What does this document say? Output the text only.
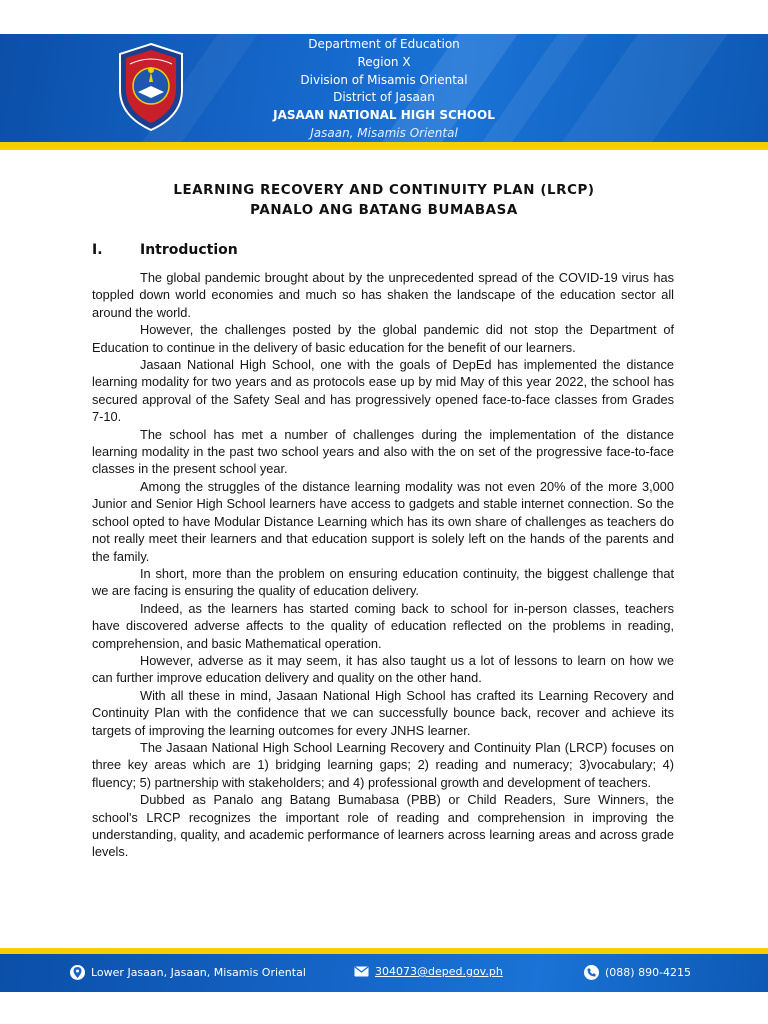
Department of Education
Region X
Division of Misamis Oriental
District of Jasaan
JASAAN NATIONAL HIGH SCHOOL
Jasaan, Misamis Oriental
LEARNING RECOVERY AND CONTINUITY PLAN (LRCP)
PANALO ANG BATANG BUMABASA
I.	Introduction

The global pandemic brought about by the unprecedented spread of the COVID-19 virus has toppled down world economies and much so has shaken the landscape of the education sector all around the world.

However, the challenges posted by the global pandemic did not stop the Department of Education to continue in the delivery of basic education for the benefit of our learners.

Jasaan National High School, one with the goals of DepEd has implemented the distance learning modality for two years and as protocols ease up by mid May of this year 2022, the school has secured approval of the Safety Seal and has progressively opened face-to-face classes from Grades 7-10.

The school has met a number of challenges during the implementation of the distance learning modality in the past two school years and also with the on set of the progressive face-to-face classes in the present school year.

Among the struggles of the distance learning modality was not even 20% of the more 3,000 Junior and Senior High School learners have access to gadgets and stable internet connection. So the school opted to have Modular Distance Learning which has its own share of challenges as teachers do not really meet their learners and that education support is solely left on the hands of the parents and the family.

In short, more than the problem on ensuring education continuity, the biggest challenge that we are facing is ensuring the quality of education delivery.

Indeed, as the learners has started coming back to school for in-person classes, teachers have discovered adverse affects to the quality of education reflected on the problems in reading, comprehension, and basic Mathematical operation.

However, adverse as it may seem, it has also taught us a lot of lessons to learn on how we can further improve education delivery and quality on the other hand.

With all these in mind, Jasaan National High School has crafted its Learning Recovery and Continuity Plan with the confidence that we can successfully bounce back, recover and achieve its targets of improving the learning outcomes for every JNHS learner.

The Jasaan National High School Learning Recovery and Continuity Plan (LRCP) focuses on three key areas which are 1) bridging learning gaps; 2) reading and numeracy; 3)vocabulary; 4) fluency; 5) partnership with stakeholders; and 4) professional growth and development of teachers.

Dubbed as Panalo ang Batang Bumabasa (PBB) or Child Readers, Sure Winners, the school's LRCP recognizes the important role of reading and comprehension in improving the understanding, quality, and academic performance of learners across learning areas and across grade levels.

Lower Jasaan, Jasaan, Misamis Oriental	304073@deped.gov.ph	(088) 890-4215
